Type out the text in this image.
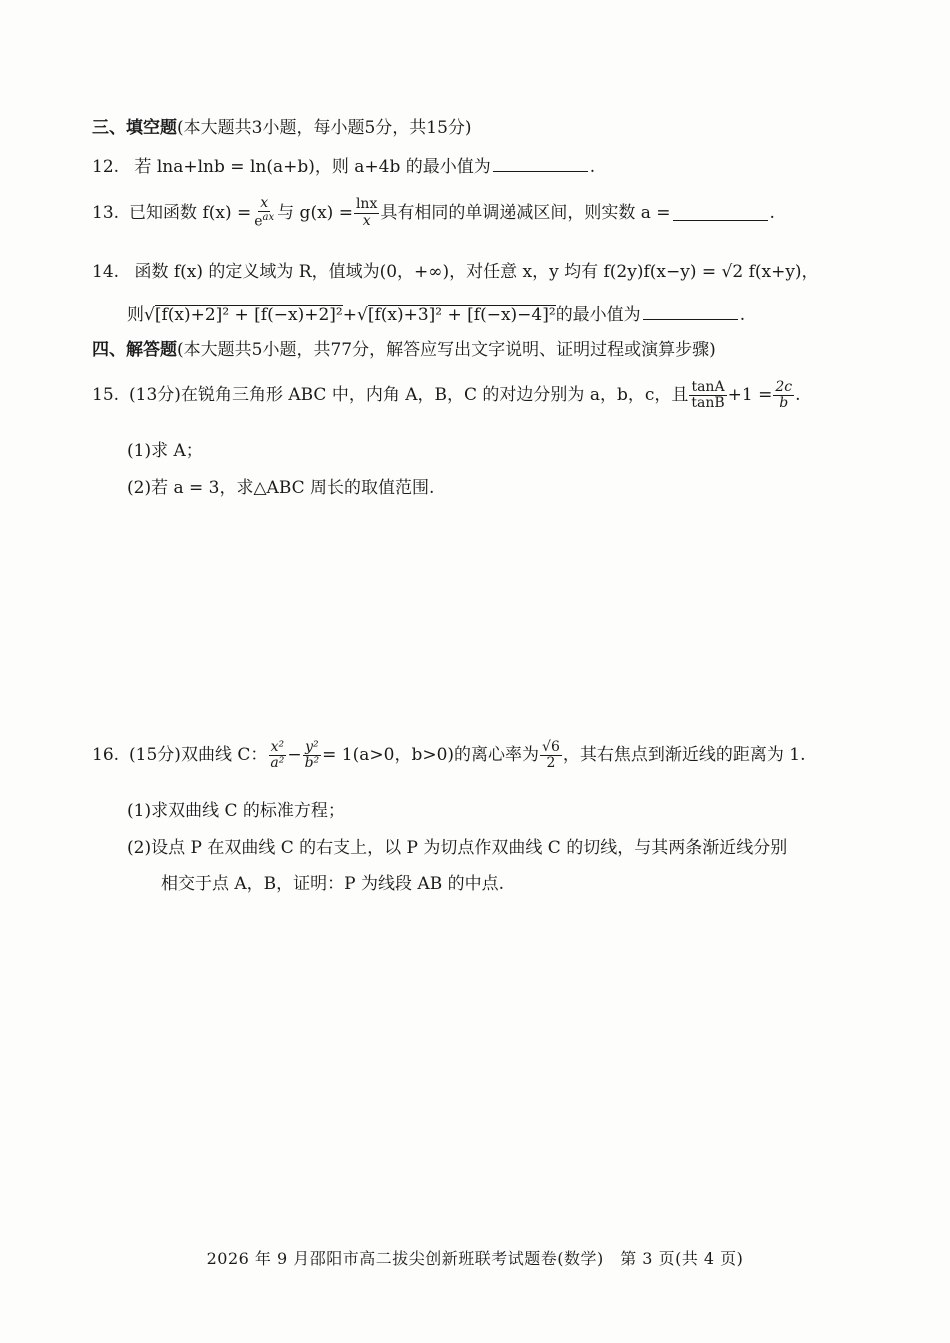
三、填空题(本大题共3小题，每小题5分，共15分)
12. 若 lna+lnb = ln(a+b)，则 a+4b 的最小值为	.
13. 已知函数 $f(x) = \frac{x}{e^{ax}}$ 与 $g(x) = \frac{\ln x}{x}$ 具有相同的单调递减区间，则实数 a =	.
14. 函数 f(x) 的定义域为 R，值域为(0，+∞)，对任意 x，y 均有 f(2y)f(x−y) = √2 f(x+y)，
则√[f(x)+2]² + [f(−x)+2]²+√[f(x)+3]² + [f(−x)−4]²的最小值为	.
四、解答题(本大题共5小题，共77分，解答应写出文字说明、证明过程或演算步骤)
15. (13分)在锐角三角形 ABC 中，内角 A，B，C 的对边分别为 a，b，c，且 $\frac{\tan A}{\tan B} +1 = \frac{2c}{b}$ .
(1)求 A；
(2)若 a = 3，求△ABC 周长的取值范围.
16. (15分)双曲线 C： $\frac{\text{x²}}{\text{a²}} - \frac{\text{y²}}{\text{b²}} = 1(a>0$，b>0)的离心率为 $\frac{√6}{2}$ ，其右焦点到渐近线的距离为 1.
(1)求双曲线 C 的标准方程；
(2)设点 P 在双曲线 C 的右支上，以 P 为切点作双曲线 C 的切线，与其两条渐近线分别
相交于点 A，B，证明：P 为线段 AB 的中点.
2026 年 9 月邵阳市高二拔尖创新班联考试题卷(数学)　第 3 页(共 4 页)
